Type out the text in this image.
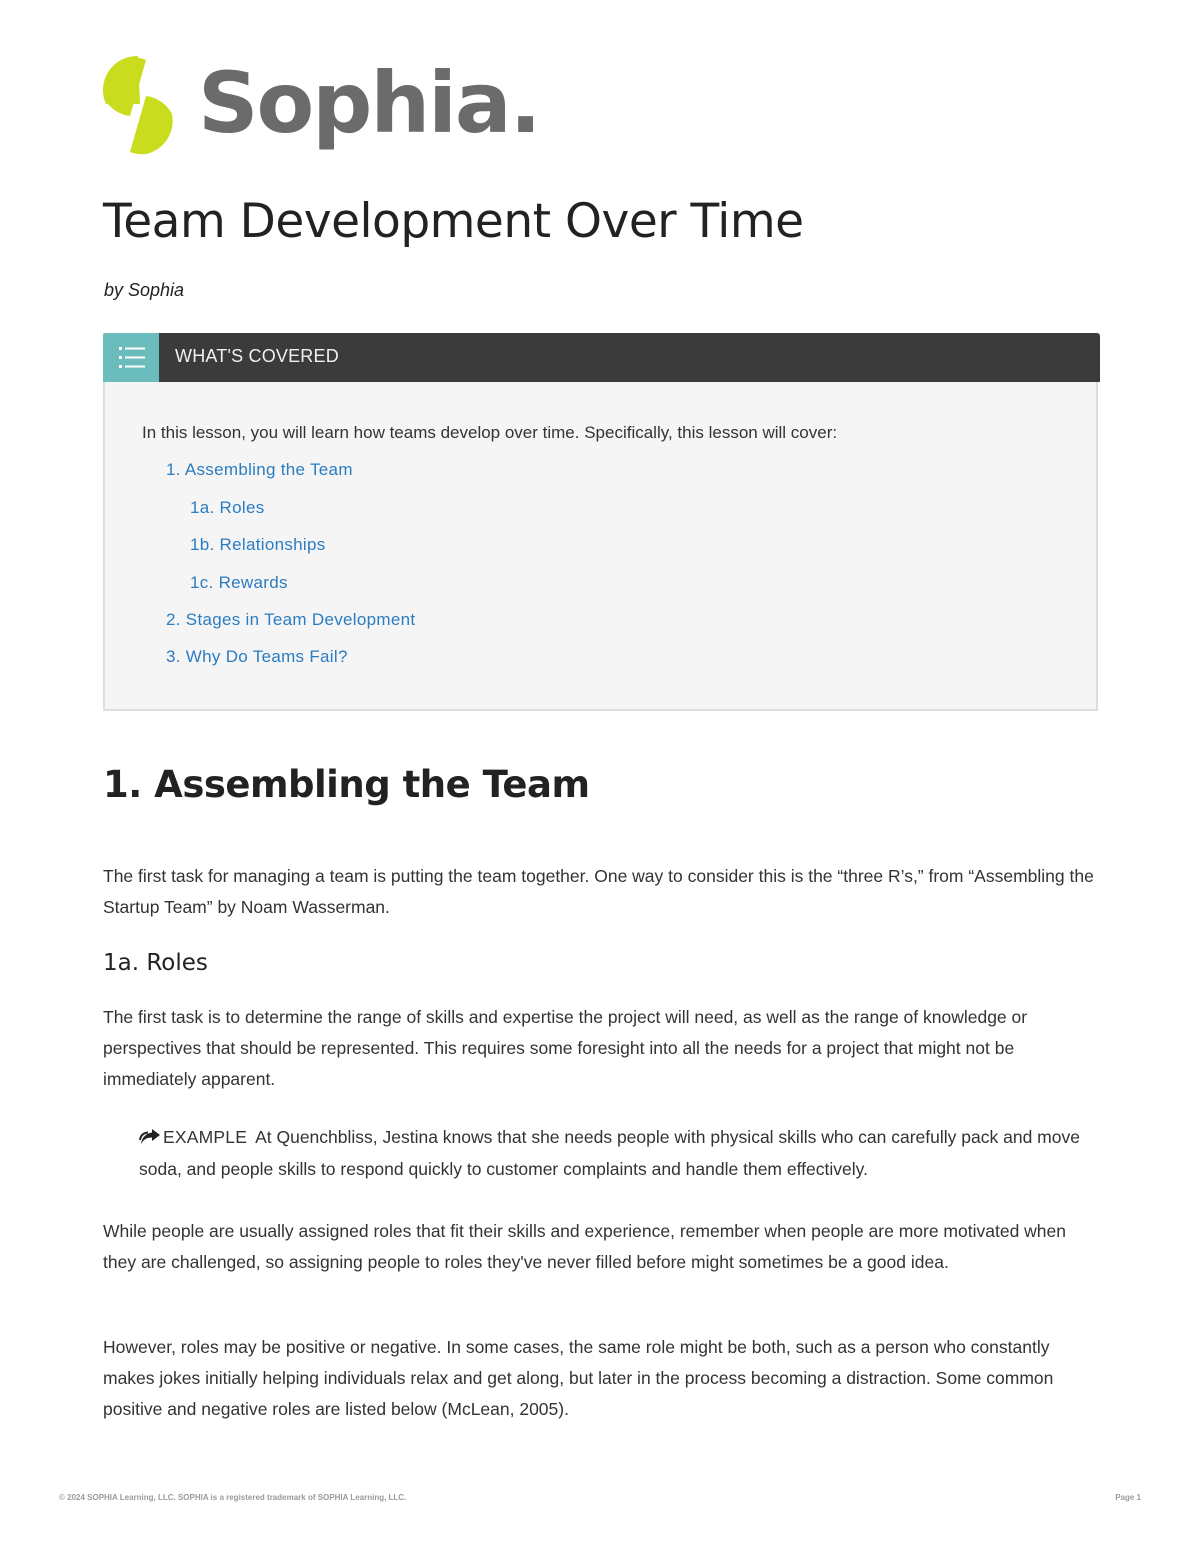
Sophia.
Team Development Over Time
by Sophia
WHAT'S COVERED
In this lesson, you will learn how teams develop over time. Specifically, this lesson will cover:
1. Assembling the Team
1a. Roles
1b. Relationships
1c. Rewards
2. Stages in Team Development
3. Why Do Teams Fail?
1. Assembling the Team

The first task for managing a team is putting the team together. One way to consider this is the “three R’s,” from “Assembling the Startup Team” by Noam Wasserman.

1a. Roles

The first task is to determine the range of skills and expertise the project will need, as well as the range of knowledge or perspectives that should be represented. This requires some foresight into all the needs for a project that might not be immediately apparent.

EXAMPLE At Quenchbliss, Jestina knows that she needs people with physical skills who can carefully pack and move soda, and people skills to respond quickly to customer complaints and handle them effectively.

While people are usually assigned roles that fit their skills and experience, remember when people are more motivated when they are challenged, so assigning people to roles they've never filled before might sometimes be a good idea.

However, roles may be positive or negative. In some cases, the same role might be both, such as a person who constantly makes jokes initially helping individuals relax and get along, but later in the process becoming a distraction. Some common positive and negative roles are listed below (McLean, 2005).

© 2024 SOPHIA Learning, LLC. SOPHIA is a registered trademark of SOPHIA Learning, LLC.	Page 1
